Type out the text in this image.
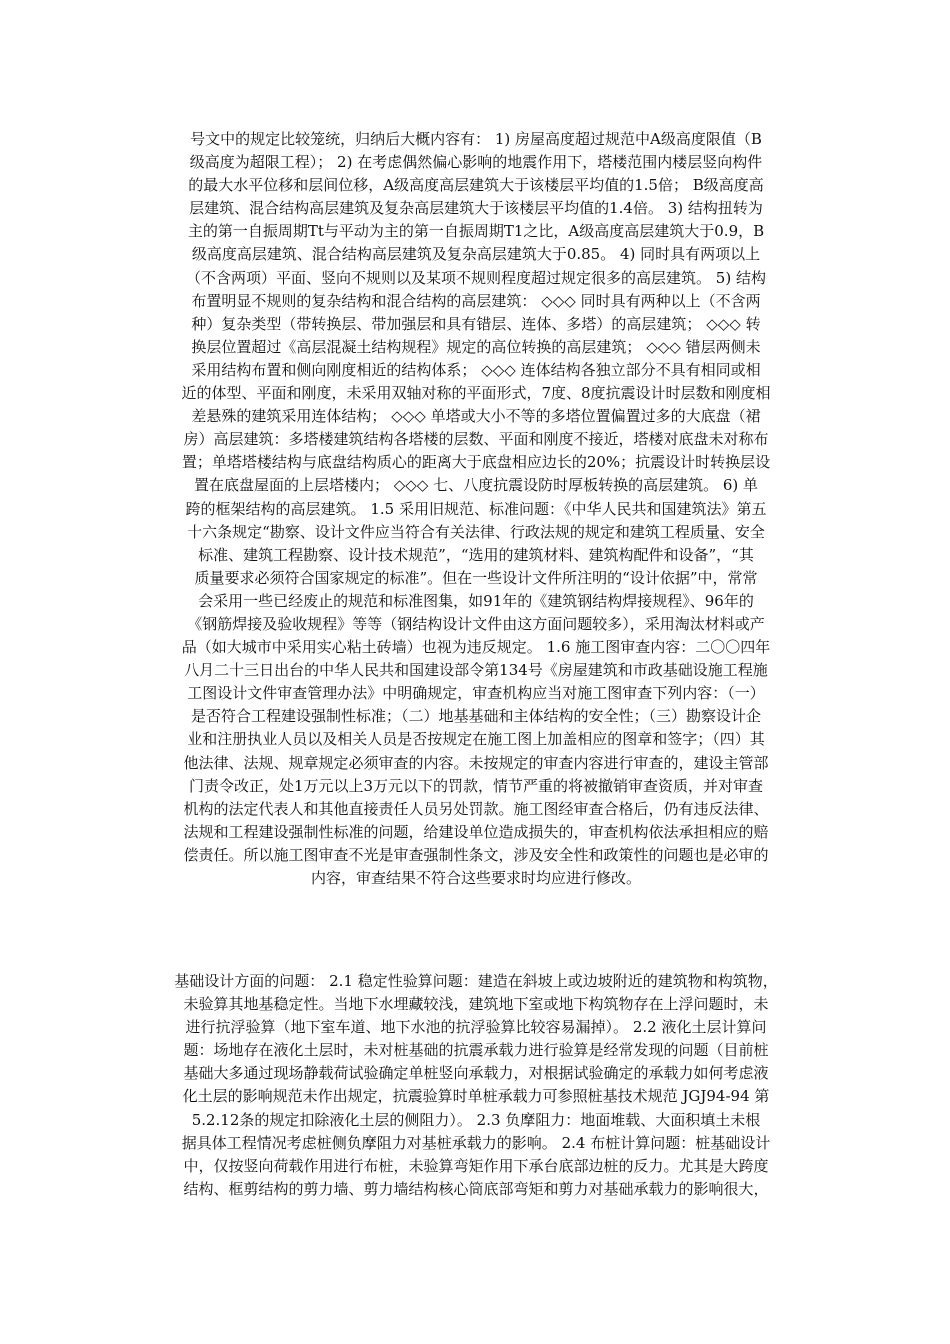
号文中的规定比较笼统，归纳后大概内容有： 1) 房屋高度超过规范中A级高度限值（B
级高度为超限工程）； 2) 在考虑偶然偏心影响的地震作用下，塔楼范围内楼层竖向构件
的最大水平位移和层间位移，A级高度高层建筑大于该楼层平均值的1.5倍； B级高度高
层建筑、混合结构高层建筑及复杂高层建筑大于该楼层平均值的1.4倍。 3) 结构扭转为
主的第一自振周期Tt与平动为主的第一自振周期T1之比，A级高度高层建筑大于0.9，B
级高度高层建筑、混合结构高层建筑及复杂高层建筑大于0.85。 4) 同时具有两项以上
（不含两项）平面、竖向不规则以及某项不规则程度超过规定很多的高层建筑。 5) 结构
布置明显不规则的复杂结构和混合结构的高层建筑： ◇◇◇ 同时具有两种以上（不含两
种）复杂类型（带转换层、带加强层和具有错层、连体、多塔）的高层建筑； ◇◇◇ 转
换层位置超过《高层混凝土结构规程》规定的高位转换的高层建筑； ◇◇◇ 错层两侧未
采用结构布置和侧向刚度相近的结构体系； ◇◇◇ 连体结构各独立部分不具有相同或相
近的体型、平面和刚度，未采用双轴对称的平面形式，7度、8度抗震设计时层数和刚度相
差悬殊的建筑采用连体结构； ◇◇◇ 单塔或大小不等的多塔位置偏置过多的大底盘（裙
房）高层建筑：多塔楼建筑结构各塔楼的层数、平面和刚度不接近，塔楼对底盘未对称布
置；单塔塔楼结构与底盘结构质心的距离大于底盘相应边长的20%；抗震设计时转换层设
置在底盘屋面的上层塔楼内； ◇◇◇ 七、八度抗震设防时厚板转换的高层建筑。 6) 单
跨的框架结构的高层建筑。 1.5 采用旧规范、标准问题：《中华人民共和国建筑法》第五
十六条规定“勘察、设计文件应当符合有关法律、行政法规的规定和建筑工程质量、安全
标准、建筑工程勘察、设计技术规范”，“选用的建筑材料、建筑构配件和设备”，“其
质量要求必须符合国家规定的标准”。但在一些设计文件所注明的“设计依据”中，常常
会采用一些已经废止的规范和标准图集，如91年的《建筑钢结构焊接规程》、96年的
《钢筋焊接及验收规程》等等（钢结构设计文件由这方面问题较多），采用淘汰材料或产
品（如大城市中采用实心粘土砖墙）也视为违反规定。 1.6 施工图审查内容：二〇〇四年
八月二十三日出台的中华人民共和国建设部令第134号《房屋建筑和市政基础设施工程施
工图设计文件审查管理办法》中明确规定，审查机构应当对施工图审查下列内容：（一）
是否符合工程建设强制性标准；（二）地基基础和主体结构的安全性；（三）勘察设计企
业和注册执业人员以及相关人员是否按规定在施工图上加盖相应的图章和签字；（四）其
他法律、法规、规章规定必须审查的内容。未按规定的审查内容进行审查的，建设主管部
门责令改正，处1万元以上3万元以下的罚款，情节严重的将被撤销审查资质，并对审查
机构的法定代表人和其他直接责任人员另处罚款。施工图经审查合格后，仍有违反法律、
法规和工程建设强制性标准的问题，给建设单位造成损失的，审查机构依法承担相应的赔
偿责任。所以施工图审查不光是审查强制性条文，涉及安全性和政策性的问题也是必审的
内容，审查结果不符合这些要求时均应进行修改。
基础设计方面的问题： 2.1 稳定性验算问题：建造在斜坡上或边坡附近的建筑物和构筑物，
未验算其地基稳定性。当地下水埋藏较浅，建筑地下室或地下构筑物存在上浮问题时，未
进行抗浮验算（地下室车道、地下水池的抗浮验算比较容易漏掉）。 2.2 液化土层计算问
题：场地存在液化土层时，未对桩基础的抗震承载力进行验算是经常发现的问题（目前桩
基础大多通过现场静载荷试验确定单桩竖向承载力，对根据试验确定的承载力如何考虑液
化土层的影响规范未作出规定，抗震验算时单桩承载力可参照桩基技术规范 JGJ94-94 第
5.2.12条的规定扣除液化土层的侧阻力）。 2.3 负摩阻力：地面堆载、大面积填土未根
据具体工程情况考虑桩侧负摩阻力对基桩承载力的影响。 2.4 布桩计算问题：桩基础设计
中，仅按竖向荷载作用进行布桩，未验算弯矩作用下承台底部边桩的反力。尤其是大跨度
结构、框剪结构的剪力墙、剪力墙结构核心筒底部弯矩和剪力对基础承载力的影响很大，
